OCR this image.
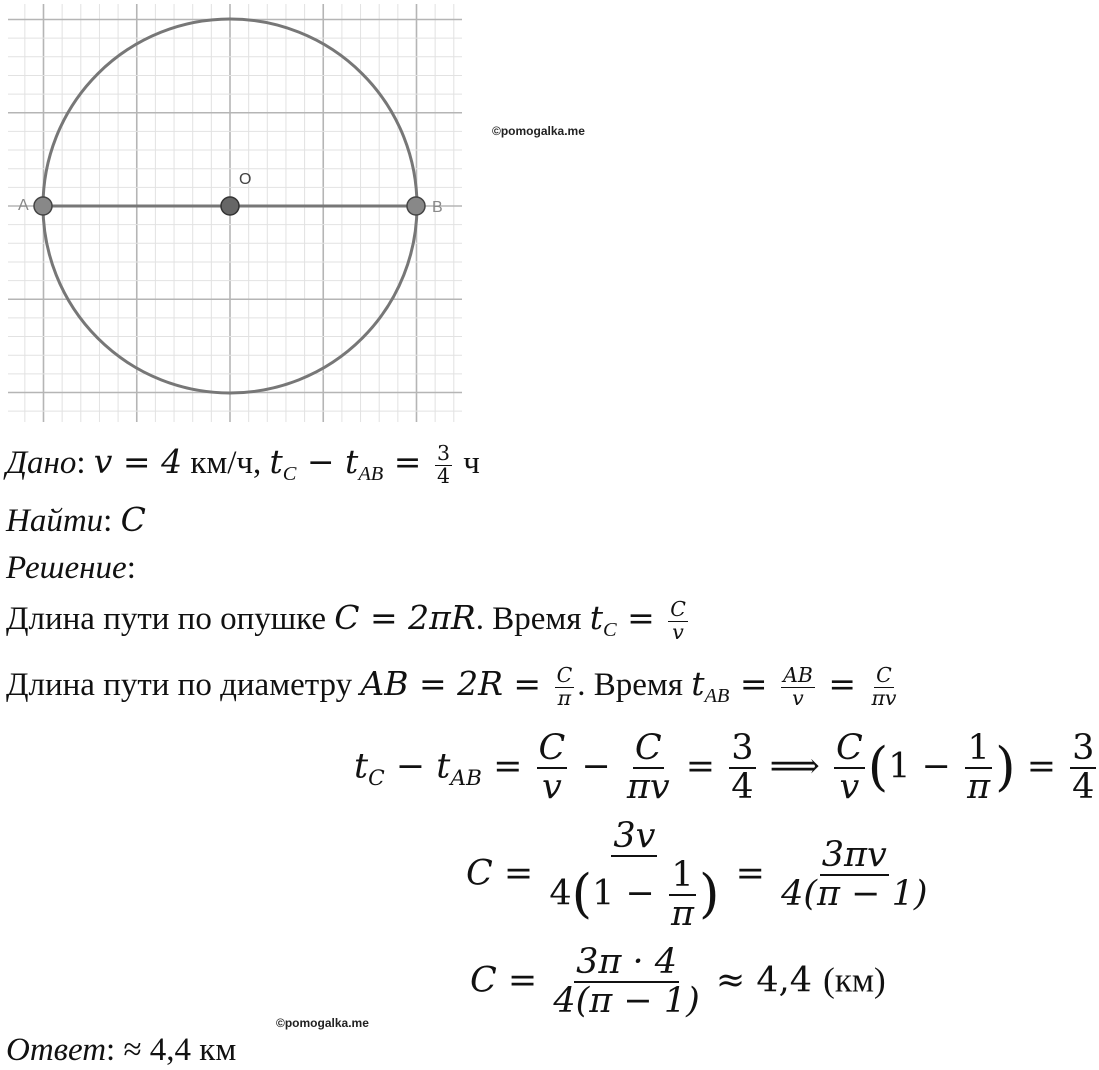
A
O
B
©pomogalka.me
Дано: v = 4 км/ч, $t_C - t_{AB} = \frac{3}{4}$ ч
Найти: C
Решение:
Длина пути по опушке C = 2πR. Время $t_C = \frac{C}{v}$
Длина пути по диаметру AB = $2R = \frac{C}{\pi}$ . Время $t_{AB} = \frac{AB}{v} = \frac{C}{\pi v}$
$t_C - t_{AB} = \frac{C}{v} - \frac{C}{\pi v} = \frac{3}{4}$ ⟹ $\frac{C}{v} (1 - \frac{1}{\pi}$ ) = $\frac{3}{4}$
$C = \frac{3v}{4(1 - \frac{1}{\pi} )} = \frac{3\pi v}{4(\pi - 1)}$
$C = \frac{3\pi \cdot 4}{4(\pi - 1)} \approx 4,4$ (км)
©pomogalka.me
Ответ: ≈ 4,4 км
